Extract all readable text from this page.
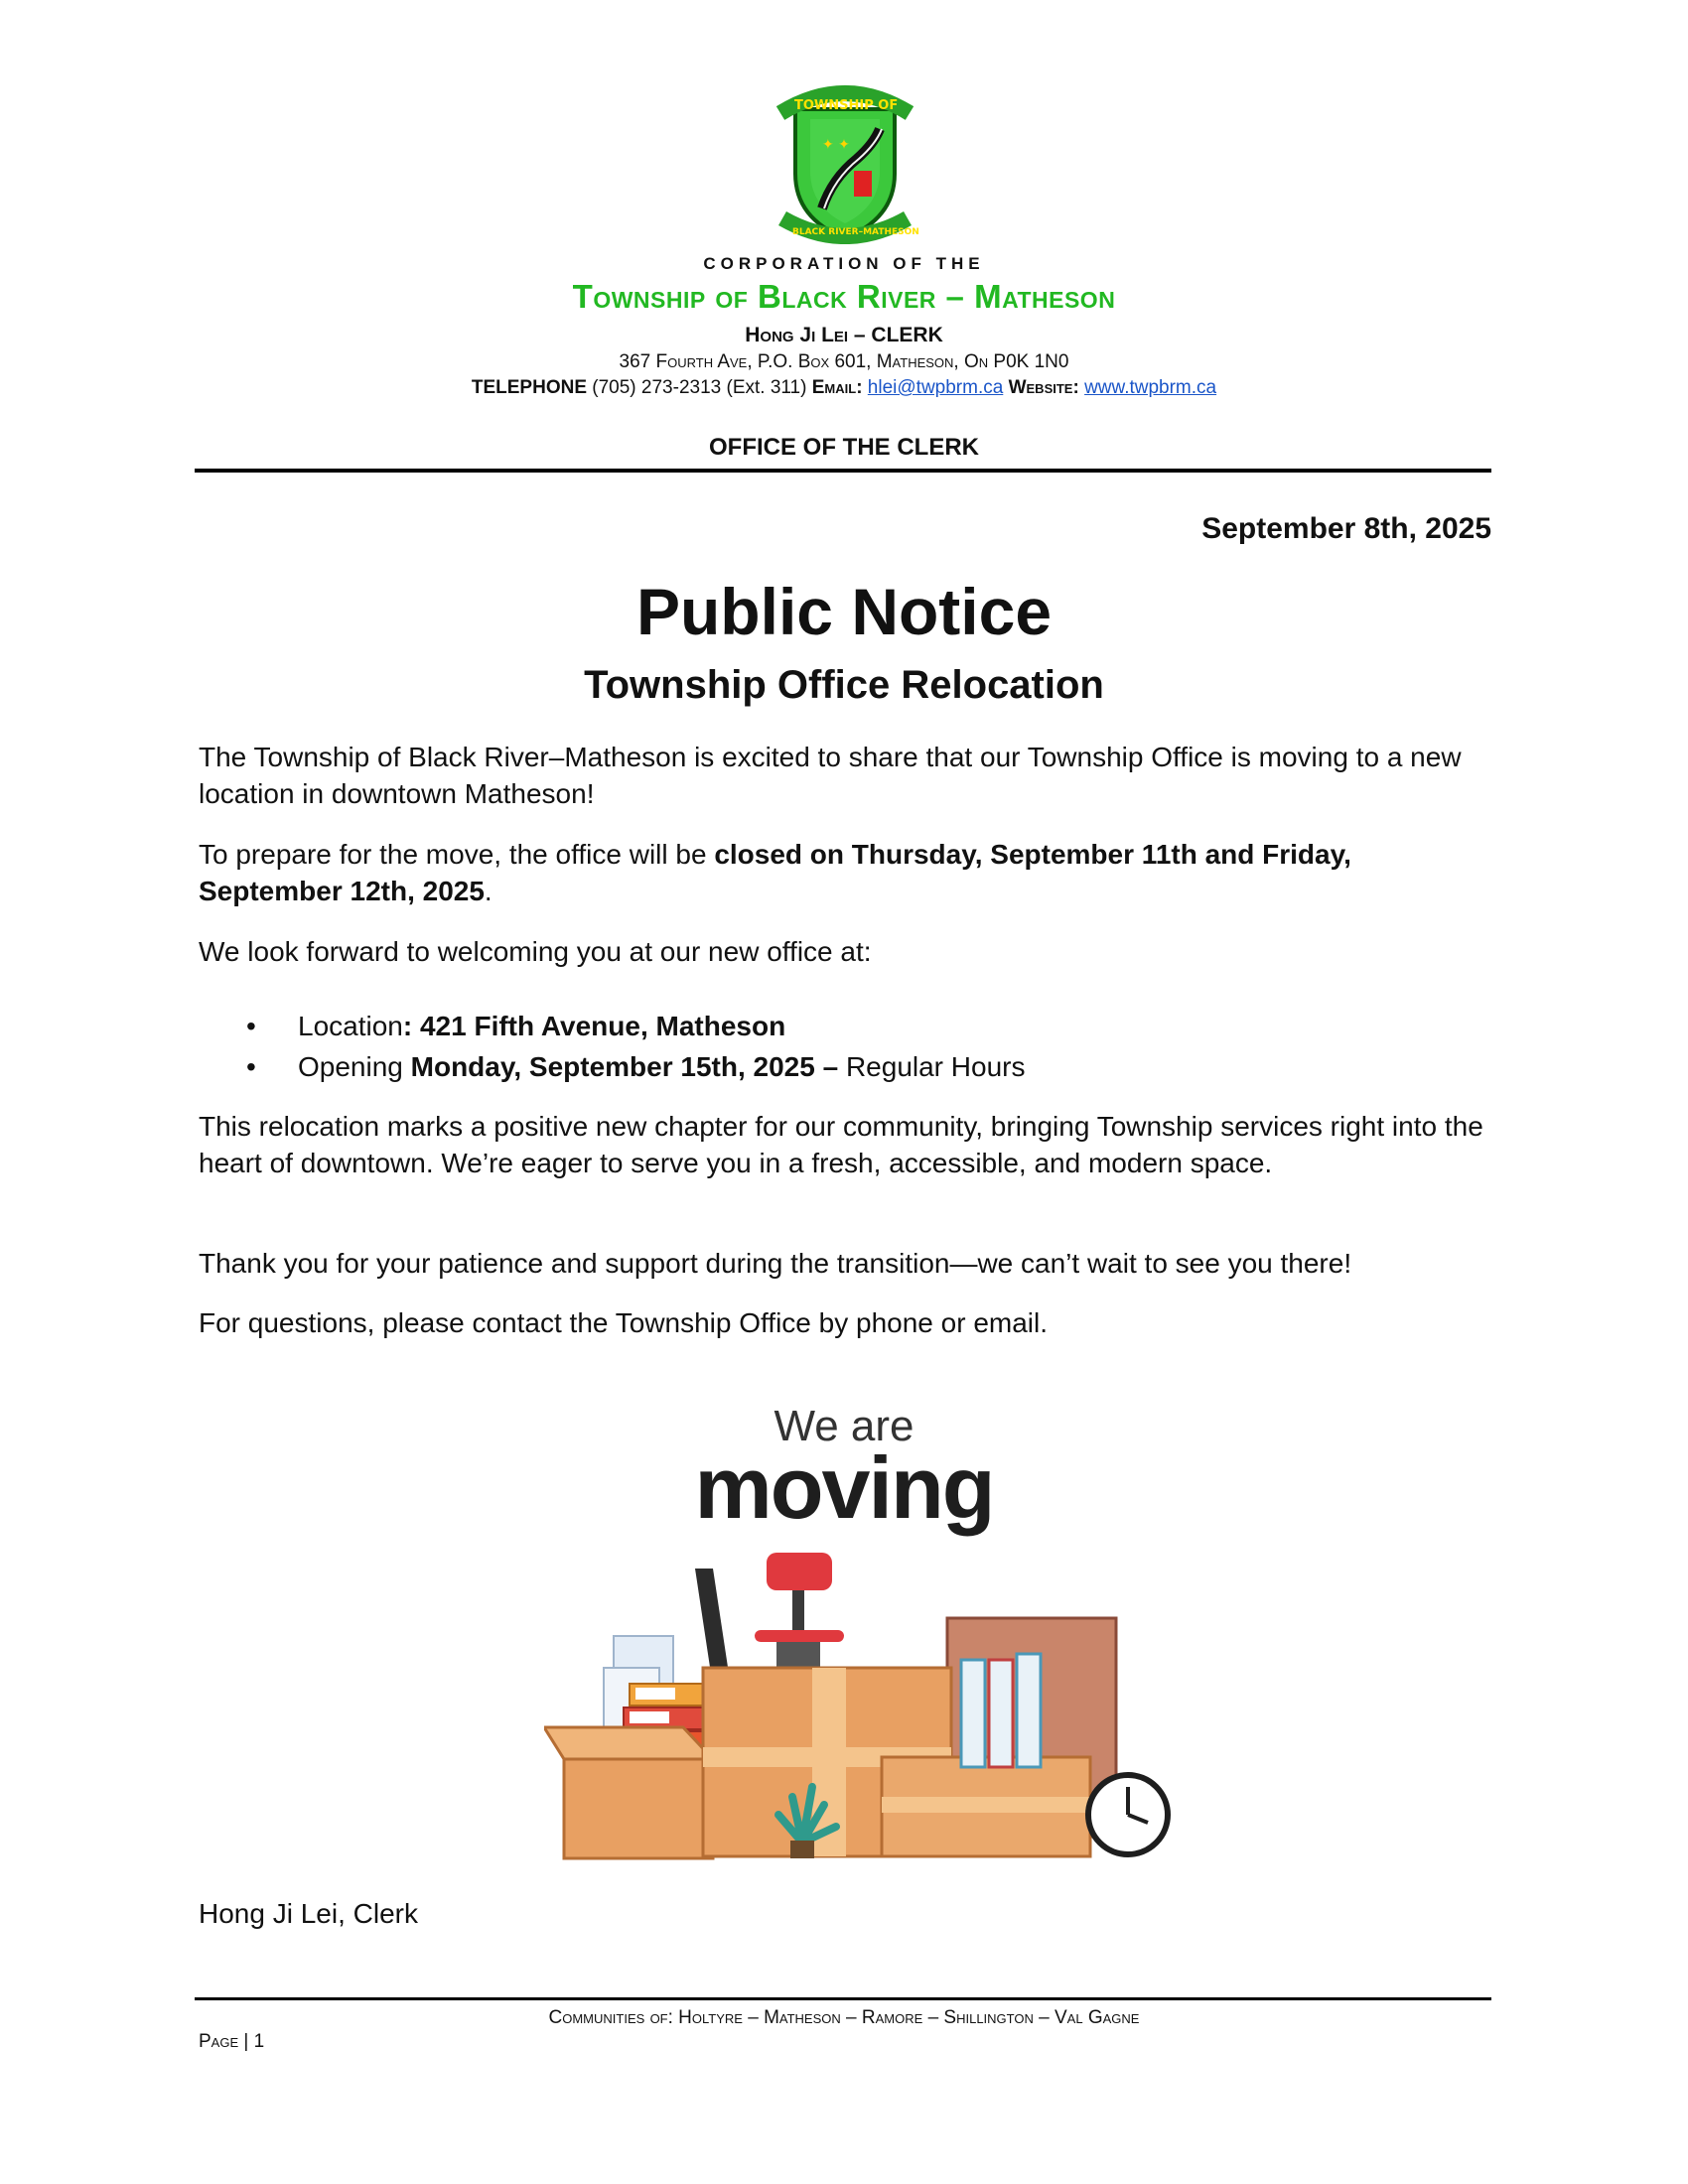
✦ ✦
TOWNSHIP OF
BLACK RIVER–MATHESON
CORPORATION OF THE
Township of Black River – Matheson
Hong Ji Lei – CLERK
367 Fourth Ave, P.O. Box 601, Matheson, On P0K 1N0
TELEPHONE (705) 273-2313 (Ext. 311) Email: hlei@twpbrm.ca Website: www.twpbrm.ca
OFFICE OF THE CLERK
September 8th, 2025
Public Notice
Township Office Relocation
The Township of Black River–Matheson is excited to share that our Township Office is moving to a new location in downtown Matheson!
To prepare for the move, the office will be closed on Thursday, September 11th and Friday, September 12th, 2025.
We look forward to welcoming you at our new office at:
• Location: 421 Fifth Avenue, Matheson
• Opening Monday, September 15th, 2025 – Regular Hours
This relocation marks a positive new chapter for our community, bringing Township services right into the heart of downtown. We’re eager to serve you in a fresh, accessible, and modern space.
Thank you for your patience and support during the transition—we can’t wait to see you there!
For questions, please contact the Township Office by phone or email.
We are
moving
Hong Ji Lei, Clerk
Communities of: Holtyre – Matheson – Ramore – Shillington – Val Gagne
Page | 1
